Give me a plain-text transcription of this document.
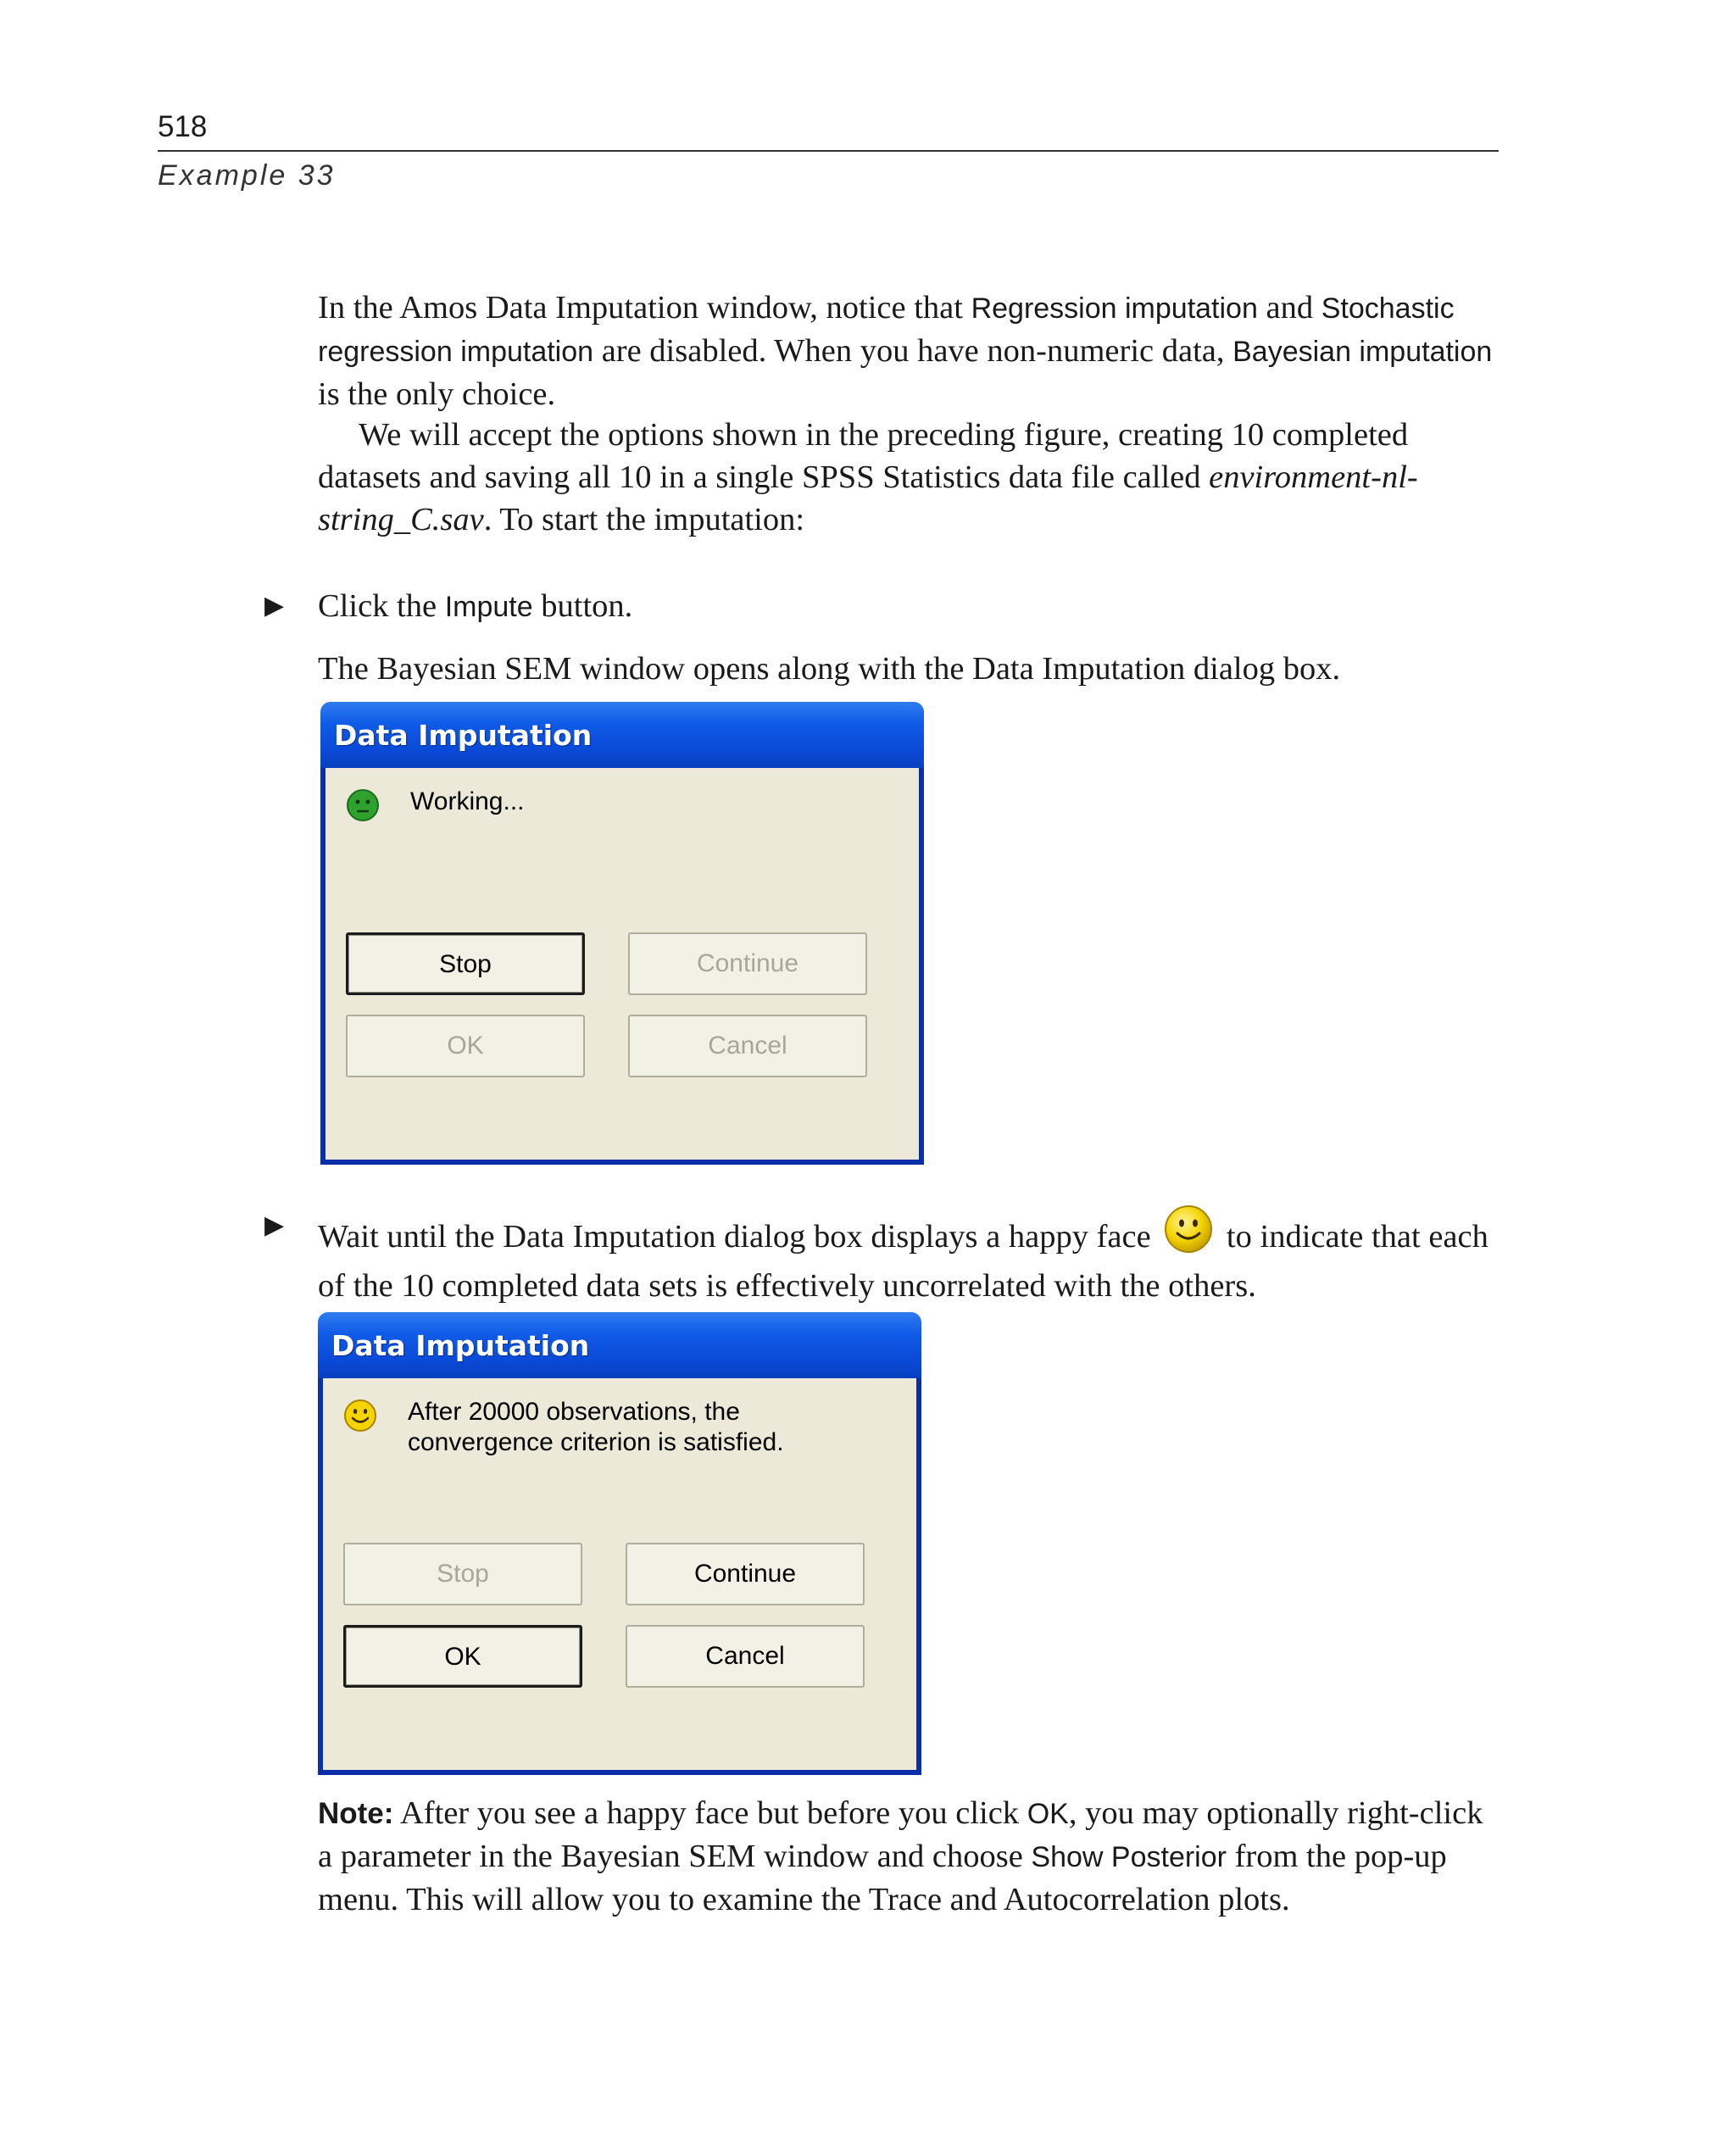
518
Example 33
In the Amos Data Imputation window, notice that Regression imputation and Stochastic regression imputation are disabled. When you have non-numeric data, Bayesian imputation is the only choice.
We will accept the options shown in the preceding figure, creating 10 completed datasets and saving all 10 in a single SPSS Statistics data file called environment-nl-string_C.sav. To start the imputation:
▶ Click the Impute button.
The Bayesian SEM window opens along with the Data Imputation dialog box.
Data Imputation
Working...
Stop	Continue
OK	Cancel
▶ Wait until the Data Imputation dialog box displays a happy face  to indicate that each of the 10 completed data sets is effectively uncorrelated with the others.
Data Imputation
After 20000 observations, the
convergence criterion is satisfied.
Stop	Continue
OK	Cancel
Note: After you see a happy face but before you click OK, you may optionally right-click a parameter in the Bayesian SEM window and choose Show Posterior from the pop-up menu. This will allow you to examine the Trace and Autocorrelation plots.
